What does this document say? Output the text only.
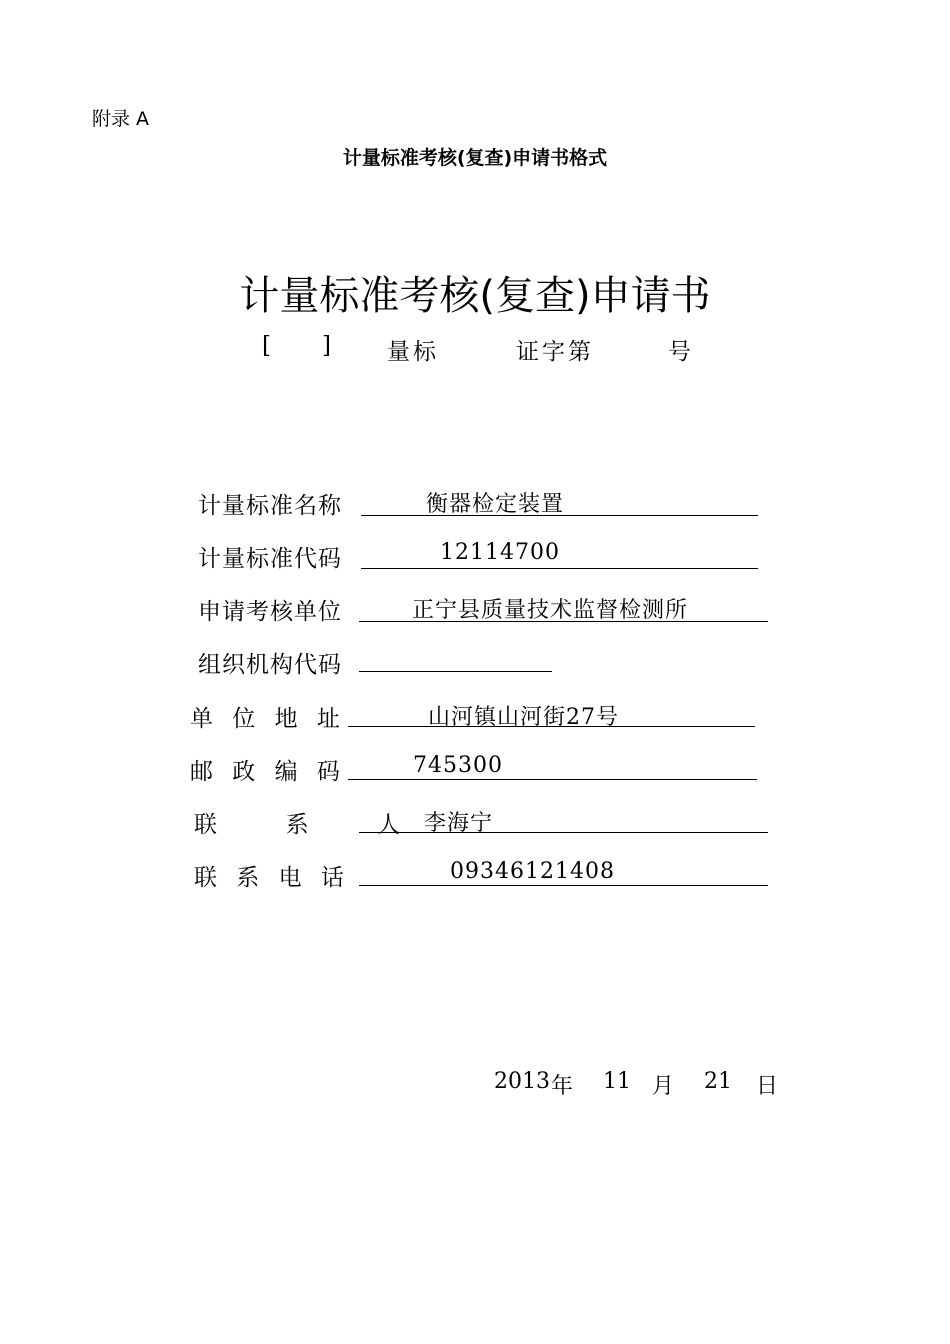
附录 A
计量标准考核(复查)申请书格式
计量标准考核(复查)申请书
[ ] 量标	证字第	号
计量标准名称	衡器检定装置
计量标准代码	12114700
申请考核单位	正宁县质量技术监督检测所
组织机构代码
单 位 地 址	山河镇山河街27号
邮 政 编 码	745300
联  系  人 李海宁
联 系 电 话	09346121408
2013 年 11 月 21 日
